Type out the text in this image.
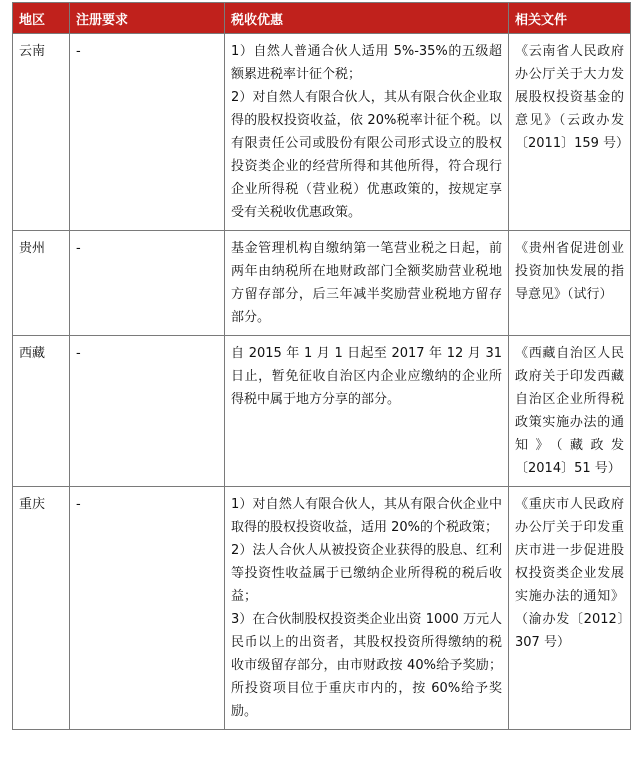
地区	注册要求	税收优惠	相关文件
云南	-	1）自然人普通合伙人适用 5%-35%的五级超额累进税率计征个税；
2）对自然人有限合伙人，其从有限合伙企业取得的股权投资收益，依 20%税率计征个税。以有限责任公司或股份有限公司形式设立的股权投资类企业的经营所得和其他所得，符合现行企业所得税（营业税）优惠政策的，按规定享受有关税收优惠政策。	《云南省人民政府办公厅关于大力发展股权投资基金的意见》（云政办发〔2011〕159 号）
贵州	-	基金管理机构自缴纳第一笔营业税之日起，前两年由纳税所在地财政部门全额奖励营业税地方留存部分，后三年减半奖励营业税地方留存部分。	《贵州省促进创业投资加快发展的指导意见》（试行）
西藏	-	自 2015 年 1 月 1 日起至 2017 年 12 月 31 日止，暂免征收自治区内企业应缴纳的企业所得税中属于地方分享的部分。	《西藏自治区人民政府关于印发西藏自治区企业所得税政策实施办法的通知》（藏政发〔2014〕51 号）
重庆	-	1）对自然人有限合伙人，其从有限合伙企业中取得的股权投资收益，适用 20%的个税政策；
2）法人合伙人从被投资企业获得的股息、红利等投资性收益属于已缴纳企业所得税的税后收益；
3）在合伙制股权投资类企业出资 1000 万元人民币以上的出资者，其股权投资所得缴纳的税收市级留存部分，由市财政按 40%给予奖励；所投资项目位于重庆市内的，按 60%给予奖励。	《重庆市人民政府办公厅关于印发重庆市进一步促进股权投资类企业发展实施办法的通知》（渝办发〔2012〕307 号）
